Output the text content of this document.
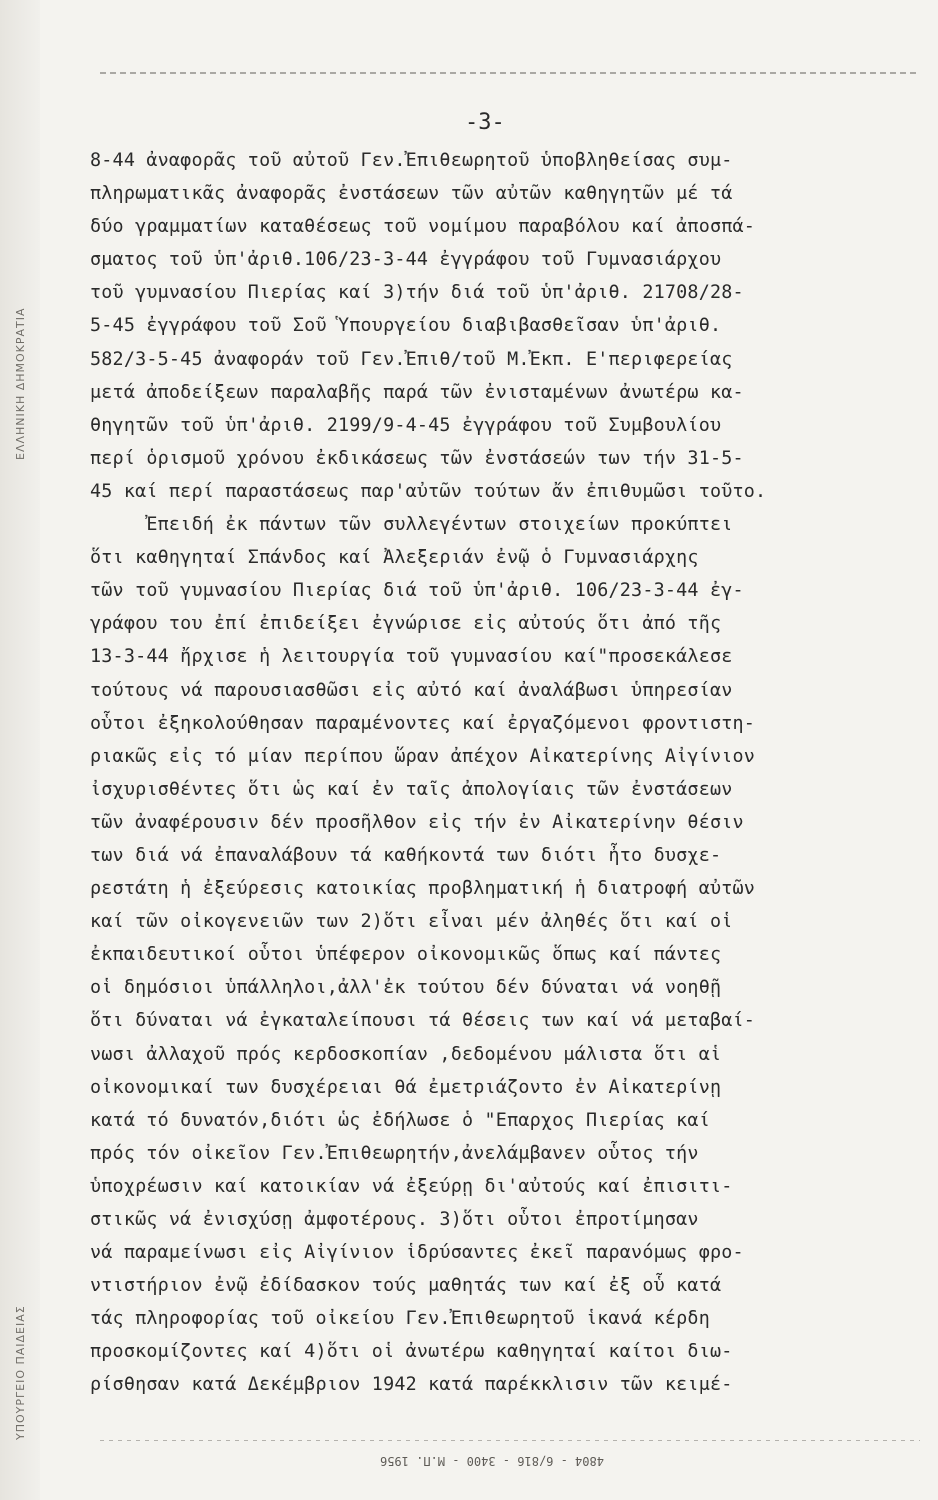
ΕΛΛΗΝΙΚΗ ΔΗΜΟΚΡΑΤΙΑ
ΥΠΟΥΡΓΕΙΟ ΠΑΙΔΕΙΑΣ
-3-
8-44 ἀναφορᾶς τοῦ αὐτοῦ Γεν.Ἐπιθεωρητοῦ ὑποβληθείσας συμ-
πληρωματικᾶς ἀναφορᾶς ἐνστάσεων τῶν αὐτῶν καθηγητῶν μέ τά
δύο γραμματίων καταθέσεως τοῦ νομίμου παραβόλου καί ἀποσπά-
σματος τοῦ ὑπ'ἀριθ.106/23-3-44 ἐγγράφου τοῦ Γυμνασιάρχου
τοῦ γυμνασίου Πιερίας καί 3)τήν διά τοῦ ὑπ'ἀριθ. 21708/28-
5-45 ἐγγράφου τοῦ Σοῦ Ὑπουργείου διαβιβασθεῖσαν ὑπ'ἀριθ.
582/3-5-45 ἀναφοράν τοῦ Γεν.Ἐπιθ/τοῦ Μ.Ἐκπ. Ε'περιφερείας
μετά ἀποδείξεων παραλαβῆς παρά τῶν ἐνισταμένων ἀνωτέρω κα-
θηγητῶν τοῦ ὑπ'ἀριθ. 2199/9-4-45 ἐγγράφου τοῦ Συμβουλίου
περί ὁρισμοῦ χρόνου ἐκδικάσεως τῶν ἐνστάσεών των τήν 31-5-
45 καί περί παραστάσεως παρ'αὐτῶν τούτων ἄν ἐπιθυμῶσι τοῦτο.
Ἐπειδή ἐκ πάντων τῶν συλλεγέντων στοιχείων προκύπτει
ὅτι καθηγηταί Σπάνδος καί Ἀλεξεριάν ἐνῷ ὁ Γυμνασιάρχης
τῶν τοῦ γυμνασίου Πιερίας διά τοῦ ὑπ'ἀριθ. 106/23-3-44 ἐγ-
γράφου του ἐπί ἐπιδείξει ἐγνώρισε εἰς αὐτούς ὅτι ἀπό τῆς
13-3-44 ἤρχισε ἡ λειτουργία τοῦ γυμνασίου καί"προσεκάλεσε
τούτους νά παρουσιασθῶσι εἰς αὐτό καί ἀναλάβωσι ὑπηρεσίαν
οὗτοι ἐξηκολούθησαν παραμένοντες καί ἐργαζόμενοι φροντιστη-
ριακῶς εἰς τό μίαν περίπου ὥραν ἀπέχον Αἰκατερίνης Αἰγίνιον
ἰσχυρισθέντες ὅτι ὡς καί ἐν ταῖς ἀπολογίαις τῶν ἐνστάσεων
τῶν ἀναφέρουσιν δέν προσῆλθον εἰς τήν ἐν Αἰκατερίνην θέσιν
των διά νά ἐπαναλάβουν τά καθήκοντά των διότι ἦτο δυσχε-
ρεστάτη ἡ ἐξεύρεσις κατοικίας προβληματική ἡ διατροφή αὐτῶν
καί τῶν οἰκογενειῶν των 2)ὅτι εἶναι μέν ἀληθές ὅτι καί οἱ
ἐκπαιδευτικοί οὗτοι ὑπέφερον οἰκονομικῶς ὅπως καί πάντες
οἱ δημόσιοι ὑπάλληλοι,ἀλλ'ἐκ τούτου δέν δύναται νά νοηθῇ
ὅτι δύναται νά ἐγκαταλείπουσι τά θέσεις των καί νά μεταβαί-
νωσι ἀλλαχοῦ πρός κερδοσκοπίαν ,δεδομένου μάλιστα ὅτι αἱ
οἰκονομικαί των δυσχέρειαι θά ἐμετριάζοντο ἐν Αἰκατερίνῃ
κατά τό δυνατόν,διότι ὡς ἐδήλωσε ὁ "Επαρχος Πιερίας καί
πρός τόν οἰκεῖον Γεν.Ἐπιθεωρητήν,ἀνελάμβανεν οὗτος τήν
ὑποχρέωσιν καί κατοικίαν νά ἐξεύρῃ δι'αὐτούς καί ἐπισιτι-
στικῶς νά ἐνισχύσῃ ἀμφοτέρους. 3)ὅτι οὗτοι ἐπροτίμησαν
νά παραμείνωσι εἰς Αἰγίνιον ἱδρύσαντες ἐκεῖ παρανόμως φρο-
ντιστήριον ἐνῷ ἐδίδασκον τούς μαθητάς των καί ἐξ οὗ κατά
τάς πληροφορίας τοῦ οἰκείου Γεν.Ἐπιθεωρητοῦ ἱκανά κέρδη
προσκομίζοντες καί 4)ὅτι οἱ ἀνωτέρω καθηγηταί καίτοι διω-
ρίσθησαν κατά Δεκέμβριον 1942 κατά παρέκκλισιν τῶν κειμέ-
4804 - 6/816 - 3400 - Μ.Π. 1956
